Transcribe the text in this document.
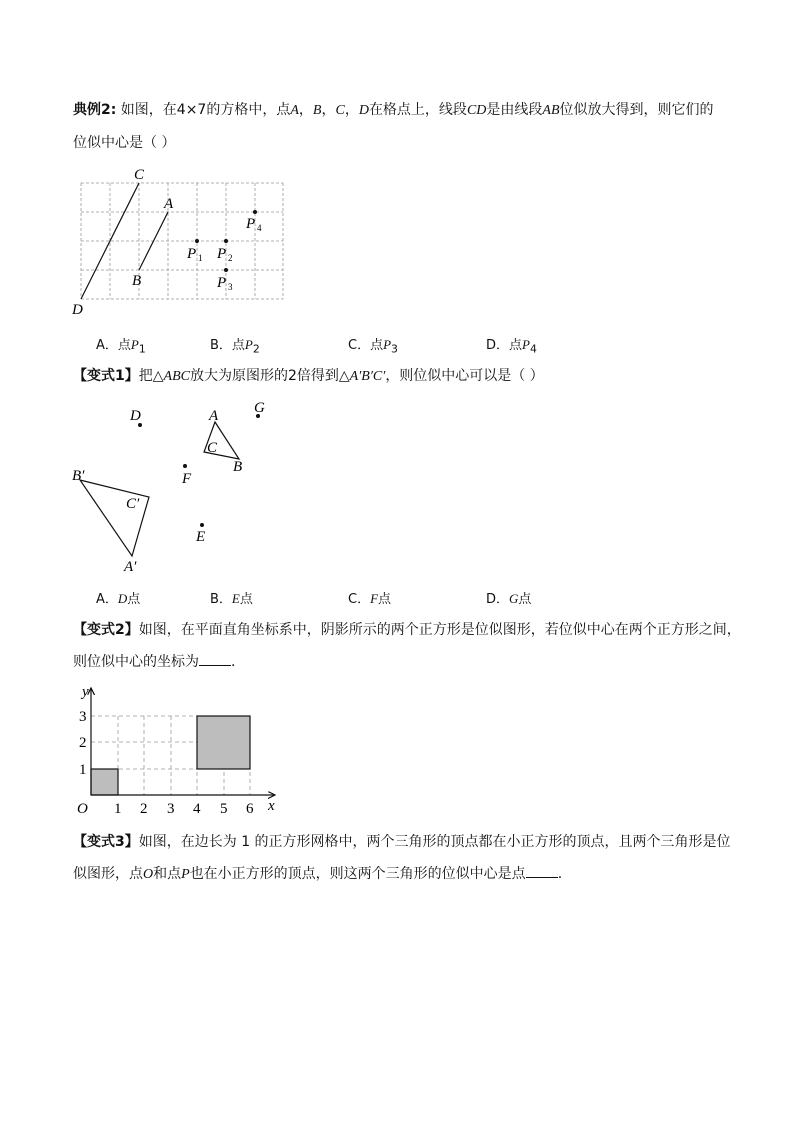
典例2: 如图，在4×7的方格中，点A，B，C，D在格点上，线段CD是由线段AB位似放大得到，则它们的
位似中心是（ ）
C
A
B
D
P 1 P 2
P 3
P 4
A．点$P_1$	B．点$P_2$	C．点$P_3$	D．点$P_4$
【变式1】把△ABC放大为原图形的2倍得到△A′B′C′，则位似中心可以是（ ）
D	A G
C
B
B′	F
C′
E
A′
A．D点	B．E点	C．F点	D．G点
【变式2】如图，在平面直角坐标系中，阴影所示的两个正方形是位似图形，若位似中心在两个正方形之间，
则位似中心的坐标为 .
y
x
O 1 2 3 4 5 6
1
2
3
【变式3】如图，在边长为 1 的正方形网格中，两个三角形的顶点都在小正方形的顶点，且两个三角形是位
似图形，点O和点P也在小正方形的顶点，则这两个三角形的位似中心是点 .
